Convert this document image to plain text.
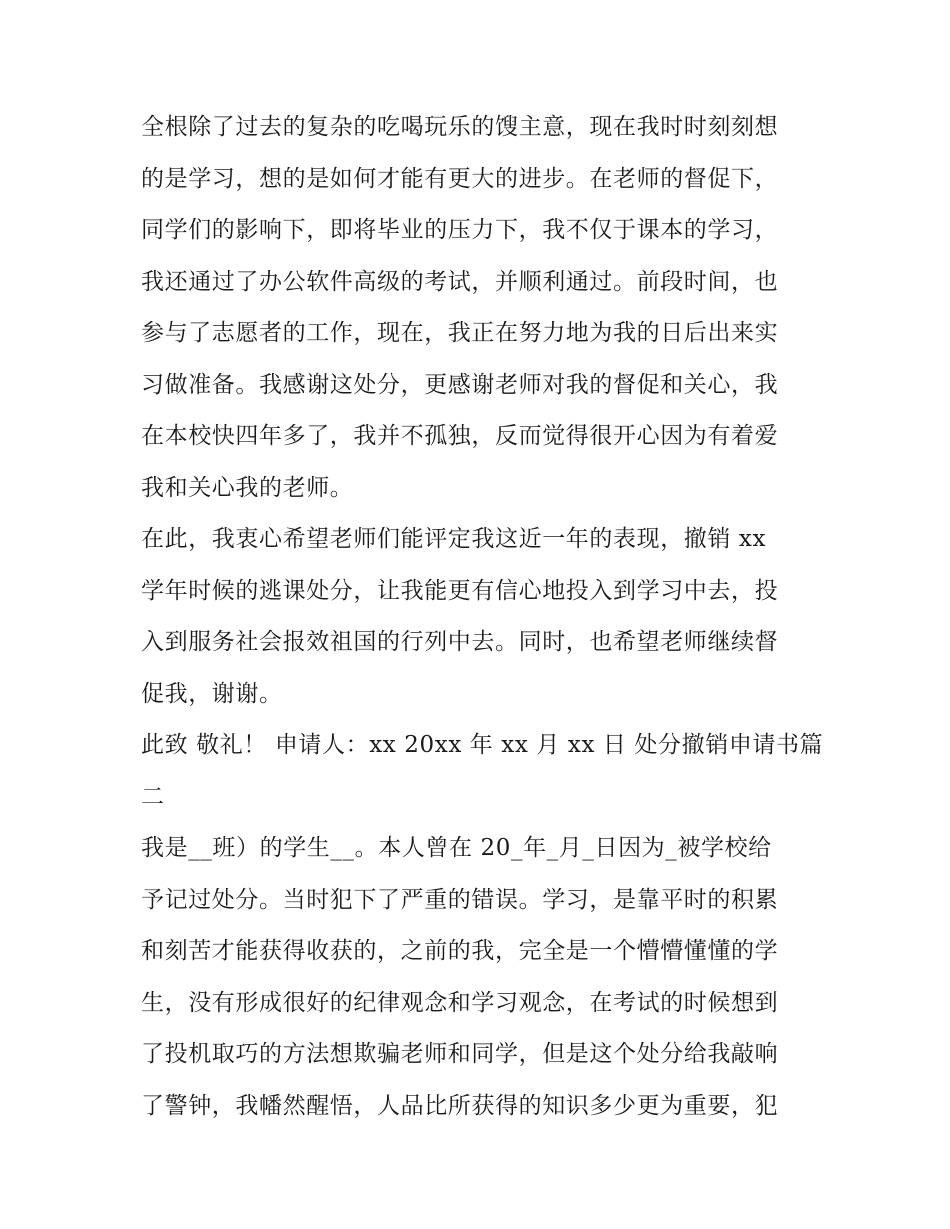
全根除了过去的复杂的吃喝玩乐的馊主意，现在我时时刻刻想
的是学习，想的是如何才能有更大的进步。在老师的督促下，
同学们的影响下，即将毕业的压力下，我不仅于课本的学习，
我还通过了办公软件高级的考试，并顺利通过。前段时间，也
参与了志愿者的工作，现在，我正在努力地为我的日后出来实
习做准备。我感谢这处分，更感谢老师对我的督促和关心，我
在本校快四年多了，我并不孤独，反而觉得很开心因为有着爱
我和关心我的老师。
在此，我衷心希望老师们能评定我这近一年的表现，撤销 xx
学年时候的逃课处分，让我能更有信心地投入到学习中去，投
入到服务社会报效祖国的行列中去。同时，也希望老师继续督
促我，谢谢。
此致 敬礼！ 申请人：xx 20xx 年 xx 月 xx 日 处分撤销申请书篇
二
我是__班）的学生__。本人曾在 20_年_月_日因为_被学校给
予记过处分。当时犯下了严重的错误。学习，是靠平时的积累
和刻苦才能获得收获的，之前的我，完全是一个懵懵懂懂的学
生，没有形成很好的纪律观念和学习观念，在考试的时候想到
了投机取巧的方法想欺骗老师和同学，但是这个处分给我敲响
了警钟，我幡然醒悟，人品比所获得的知识多少更为重要，犯
